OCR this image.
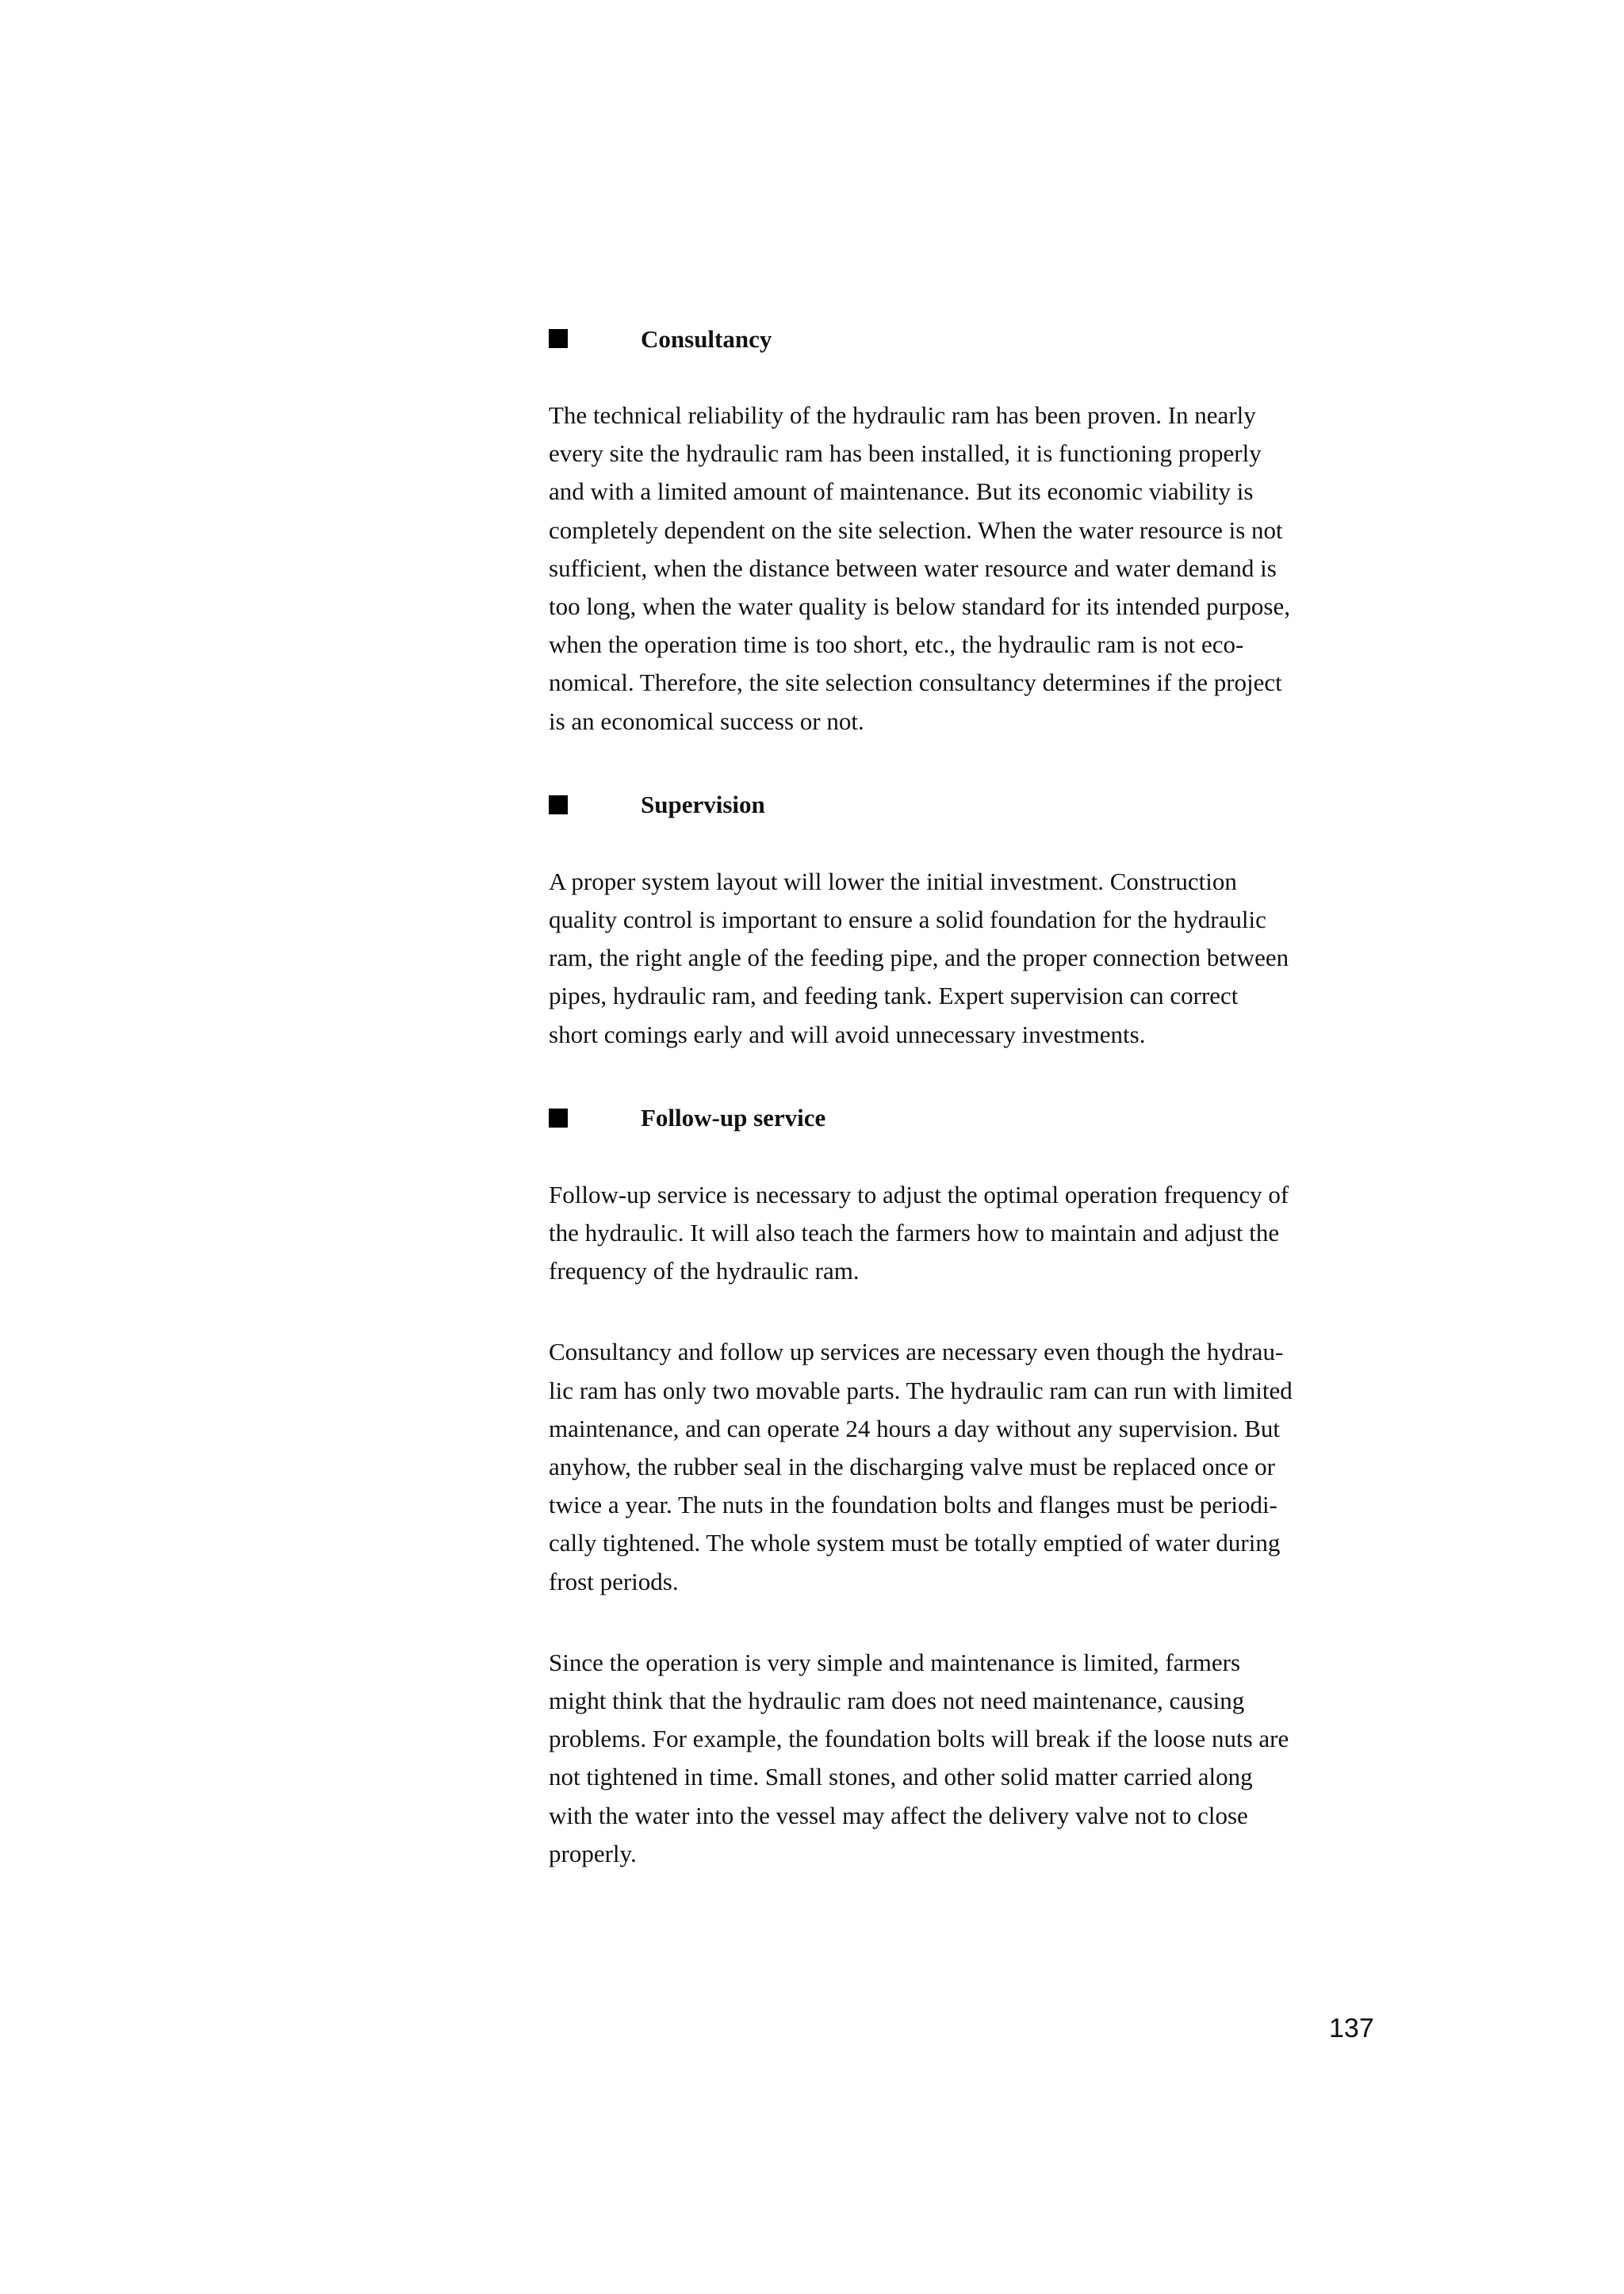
Consultancy

The technical reliability of the hydraulic ram has been proven. In nearly
every site the hydraulic ram has been installed, it is functioning properly
and with a limited amount of maintenance. But its economic viability is
completely dependent on the site selection. When the water resource is not
sufficient, when the distance between water resource and water demand is
too long, when the water quality is below standard for its intended purpose,
when the operation time is too short, etc., the hydraulic ram is not eco-
nomical. Therefore, the site selection consultancy determines if the project
is an economical success or not.

Supervision

A proper system layout will lower the initial investment. Construction
quality control is important to ensure a solid foundation for the hydraulic
ram, the right angle of the feeding pipe, and the proper connection between
pipes, hydraulic ram, and feeding tank. Expert supervision can correct
short comings early and will avoid unnecessary investments.

Follow-up service

Follow-up service is necessary to adjust the optimal operation frequency of
the hydraulic. It will also teach the farmers how to maintain and adjust the
frequency of the hydraulic ram.

Consultancy and follow up services are necessary even though the hydrau-
lic ram has only two movable parts. The hydraulic ram can run with limited
maintenance, and can operate 24 hours a day without any supervision. But
anyhow, the rubber seal in the discharging valve must be replaced once or
twice a year. The nuts in the foundation bolts and flanges must be periodi-
cally tightened. The whole system must be totally emptied of water during
frost periods.

Since the operation is very simple and maintenance is limited, farmers
might think that the hydraulic ram does not need maintenance, causing
problems. For example, the foundation bolts will break if the loose nuts are
not tightened in time. Small stones, and other solid matter carried along
with the water into the vessel may affect the delivery valve not to close
properly.

137
